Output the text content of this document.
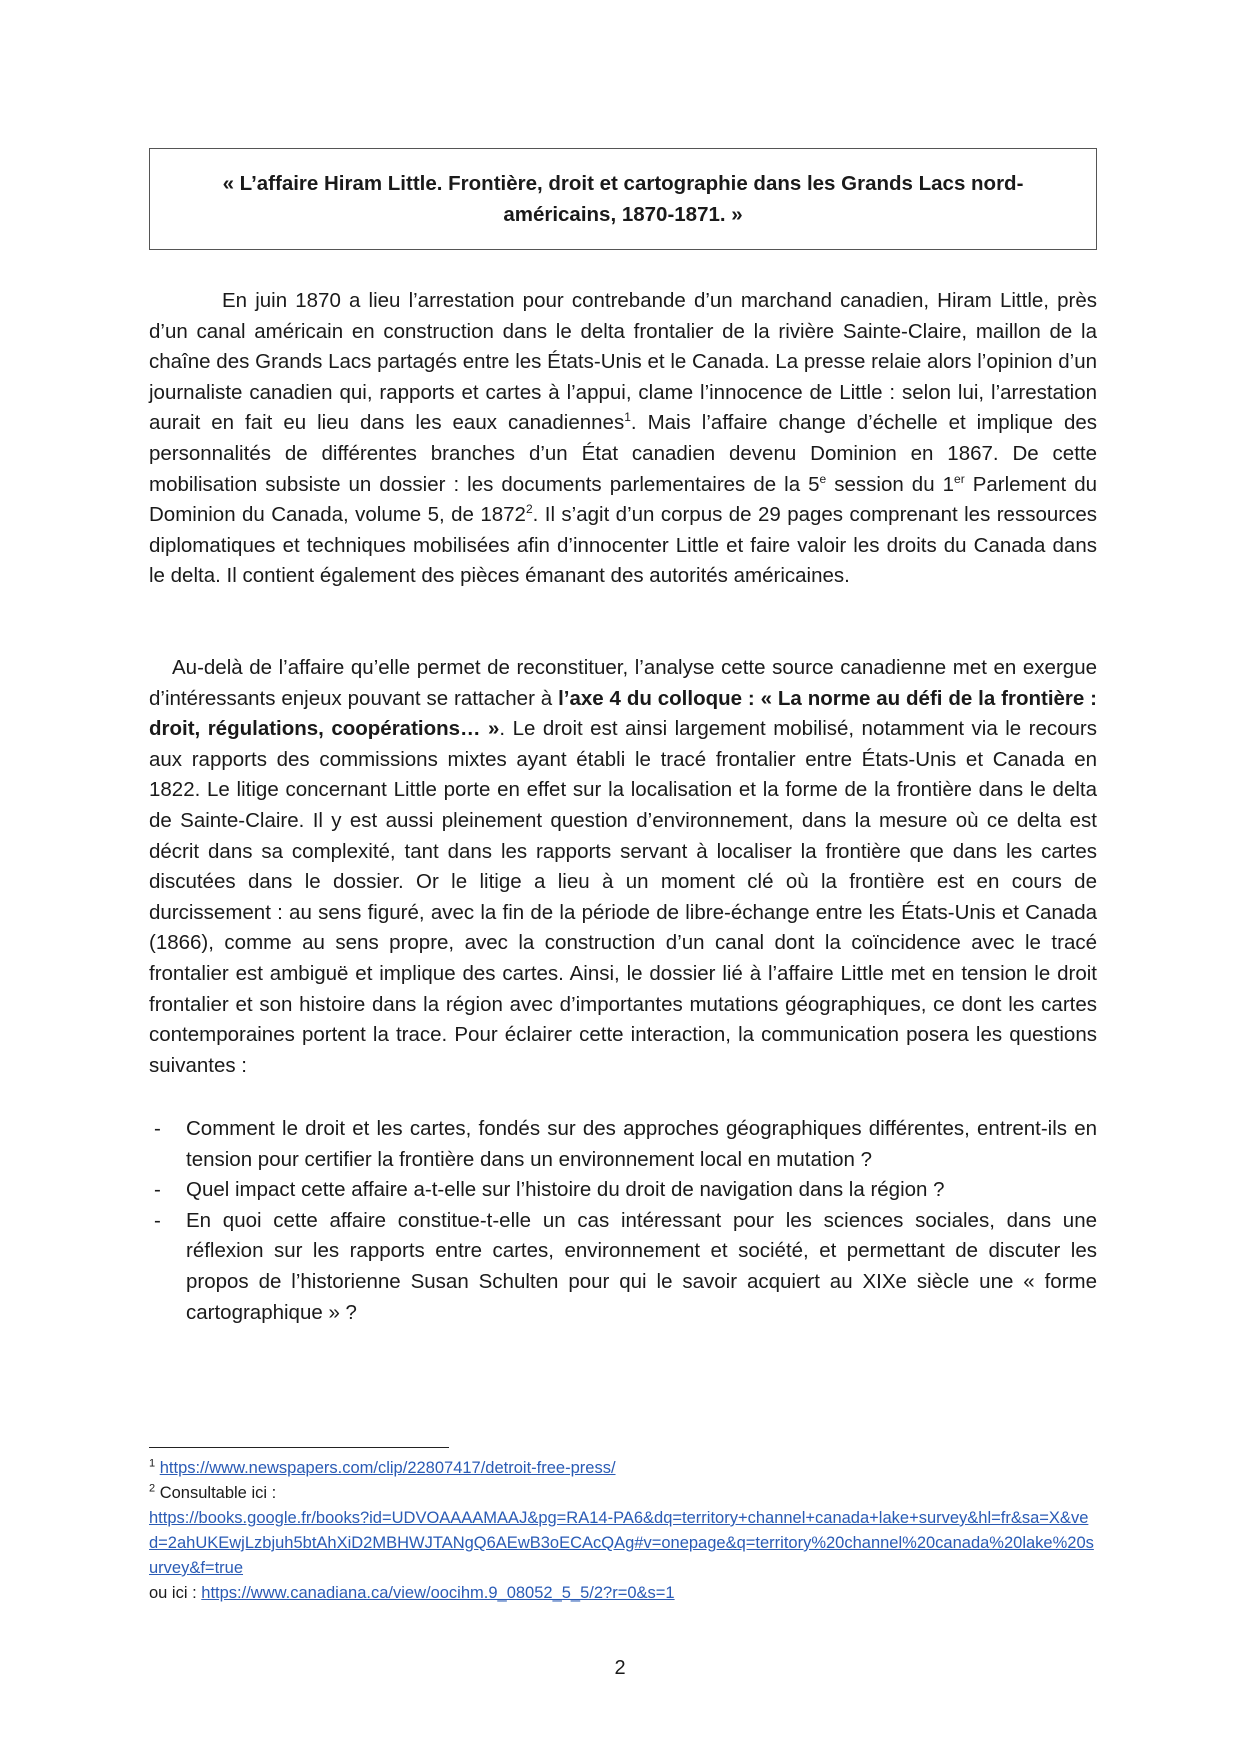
« L’affaire Hiram Little. Frontière, droit et cartographie dans les Grands Lacs nord-américains, 1870-1871. »

En juin 1870 a lieu l’arrestation pour contrebande d’un marchand canadien, Hiram Little, près d’un canal américain en construction dans le delta frontalier de la rivière Sainte-Claire, maillon de la chaîne des Grands Lacs partagés entre les États-Unis et le Canada. La presse relaie alors l’opinion d’un journaliste canadien qui, rapports et cartes à l’appui, clame l’innocence de Little : selon lui, l’arrestation aurait en fait eu lieu dans les eaux canadiennes$^1$. Mais l’affaire change d’échelle et implique des personnalités de différentes branches d’un État canadien devenu Dominion en 1867. De cette mobilisation subsiste un dossier : les documents parlementaires de la 5e session du 1er Parlement du Dominion du Canada, volume 5, de 1872$^2$. Il s’agit d’un corpus de 29 pages comprenant les ressources diplomatiques et techniques mobilisées afin d’innocenter Little et faire valoir les droits du Canada dans le delta. Il contient également des pièces émanant des autorités américaines.

Au-delà de l’affaire qu’elle permet de reconstituer, l’analyse cette source canadienne met en exergue d’intéressants enjeux pouvant se rattacher à l’axe 4 du colloque : « La norme au défi de la frontière : droit, régulations, coopérations… ». Le droit est ainsi largement mobilisé, notamment via le recours aux rapports des commissions mixtes ayant établi le tracé frontalier entre États-Unis et Canada en 1822. Le litige concernant Little porte en effet sur la localisation et la forme de la frontière dans le delta de Sainte-Claire. Il y est aussi pleinement question d’environnement, dans la mesure où ce delta est décrit dans sa complexité, tant dans les rapports servant à localiser la frontière que dans les cartes discutées dans le dossier. Or le litige a lieu à un moment clé où la frontière est en cours de durcissement : au sens figuré, avec la fin de la période de libre-échange entre les États-Unis et Canada (1866), comme au sens propre, avec la construction d’un canal dont la coïncidence avec le tracé frontalier est ambiguë et implique des cartes. Ainsi, le dossier lié à l’affaire Little met en tension le droit frontalier et son histoire dans la région avec d’importantes mutations géographiques, ce dont les cartes contemporaines portent la trace. Pour éclairer cette interaction, la communication posera les questions suivantes :

- Comment le droit et les cartes, fondés sur des approches géographiques différentes, entrent-ils en tension pour certifier la frontière dans un environnement local en mutation ?
- Quel impact cette affaire a-t-elle sur l’histoire du droit de navigation dans la région ?
- En quoi cette affaire constitue-t-elle un cas intéressant pour les sciences sociales, dans une réflexion sur les rapports entre cartes, environnement et société, et permettant de discuter les propos de l’historienne Susan Schulten pour qui le savoir acquiert au XIXe siècle une « forme cartographique » ?

$^1$ https://www.newspapers.com/clip/22807417/detroit-free-press/

$^2$ Consultable ici :

https://books.google.fr/books?id=UDVOAAAAMAAJ&pg=RA14-PA6&dq=territory+channel+canada+lake+survey&hl=fr&sa=X&ved=2ahUKEwjLzbjuh5btAhXiD2MBHWJTANgQ6AEwB3oECAcQAg#v=onepage&q=territory%20channel%20canada%20lake%20survey&f=true

ou ici : https://www.canadiana.ca/view/oocihm.9_08052_5_5/2?r=0&s=1

2
